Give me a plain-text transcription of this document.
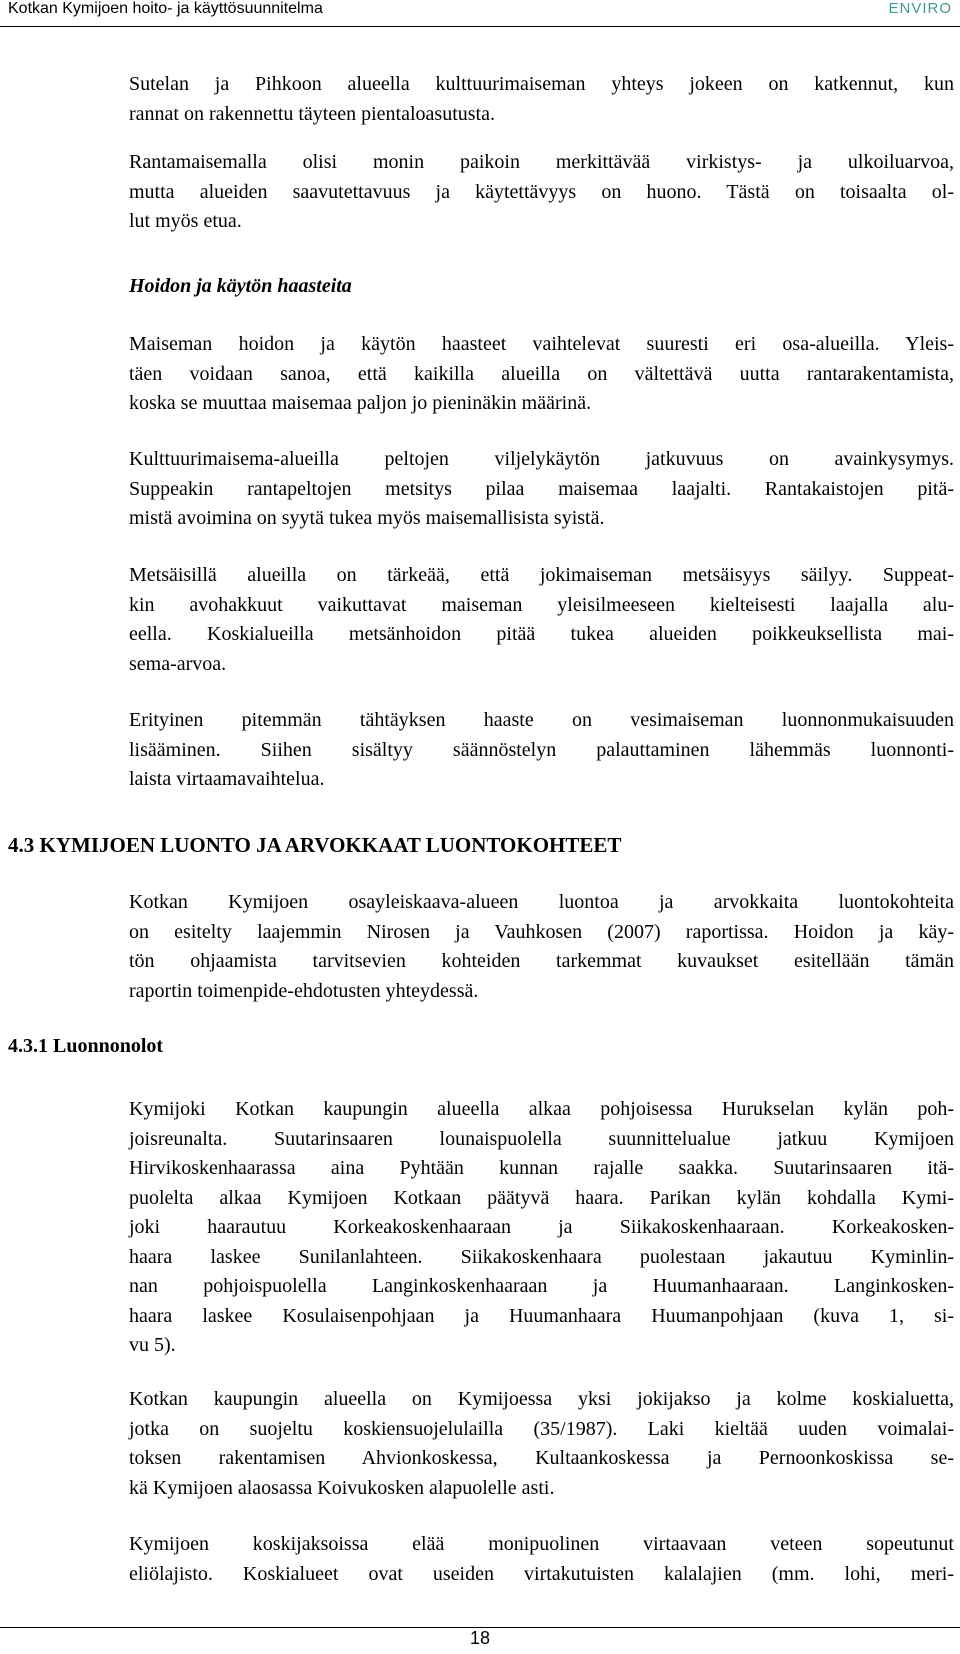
Kotkan Kymijoen hoito- ja käyttösuunnitelma	ENVIRO

Sutelan ja Pihkoon alueella kulttuurimaiseman yhteys jokeen on katkennut, kun
rannat on rakennettu täyteen pientaloasutusta.

Rantamaisemalla olisi monin paikoin merkittävää virkistys- ja ulkoiluarvoa,
mutta alueiden saavutettavuus ja käytettävyys on huono. Tästä on toisaalta ol-
lut myös etua.

Hoidon ja käytön haasteita

Maiseman hoidon ja käytön haasteet vaihtelevat suuresti eri osa-alueilla. Yleis-
täen voidaan sanoa, että kaikilla alueilla on vältettävä uutta rantarakentamista,
koska se muuttaa maisemaa paljon jo pieninäkin määrinä.

Kulttuurimaisema-alueilla peltojen viljelykäytön jatkuvuus on avainkysymys.
Suppeakin rantapeltojen metsitys pilaa maisemaa laajalti. Rantakaistojen pitä-
mistä avoimina on syytä tukea myös maisemallisista syistä.

Metsäisillä alueilla on tärkeää, että jokimaiseman metsäisyys säilyy. Suppeat-
kin avohakkuut vaikuttavat maiseman yleisilmeeseen kielteisesti laajalla alu-
eella. Koskialueilla metsänhoidon pitää tukea alueiden poikkeuksellista mai-
sema-arvoa.

Erityinen pitemmän tähtäyksen haaste on vesimaiseman luonnonmukaisuuden
lisääminen. Siihen sisältyy säännöstelyn palauttaminen lähemmäs luonnonti-
laista virtaamavaihtelua.

4.3 KYMIJOEN LUONTO JA ARVOKKAAT LUONTOKOHTEET

Kotkan Kymijoen osayleiskaava-alueen luontoa ja arvokkaita luontokohteita
on esitelty laajemmin Nirosen ja Vauhkosen (2007) raportissa. Hoidon ja käy-
tön ohjaamista tarvitsevien kohteiden tarkemmat kuvaukset esitellään tämän
raportin toimenpide-ehdotusten yhteydessä.

4.3.1 Luonnonolot

Kymijoki Kotkan kaupungin alueella alkaa pohjoisessa Hurukselan kylän poh-
joisreunalta. Suutarinsaaren lounaispuolella suunnittelualue jatkuu Kymijoen
Hirvikoskenhaarassa aina Pyhtään kunnan rajalle saakka. Suutarinsaaren itä-
puolelta alkaa Kymijoen Kotkaan päätyvä haara. Parikan kylän kohdalla Kymi-
joki haarautuu Korkeakoskenhaaraan ja Siikakoskenhaaraan. Korkeakosken-
haara laskee Sunilanlahteen. Siikakoskenhaara puolestaan jakautuu Kyminlin-
nan pohjoispuolella Langinkoskenhaaraan ja Huumanhaaraan. Langinkosken-
haara laskee Kosulaisenpohjaan ja Huumanhaara Huumanpohjaan (kuva 1, si-
vu 5).

Kotkan kaupungin alueella on Kymijoessa yksi jokijakso ja kolme koskialuetta,
jotka on suojeltu koskiensuojelulailla (35/1987). Laki kieltää uuden voimalai-
toksen rakentamisen Ahvionkoskessa, Kultaankoskessa ja Pernoonkoskissa se-
kä Kymijoen alaosassa Koivukosken alapuolelle asti.

Kymijoen koskijaksoissa elää monipuolinen virtaavaan veteen sopeutunut
eliölajisto. Koskialueet ovat useiden virtakutuisten kalalajien (mm. lohi, meri-

18
